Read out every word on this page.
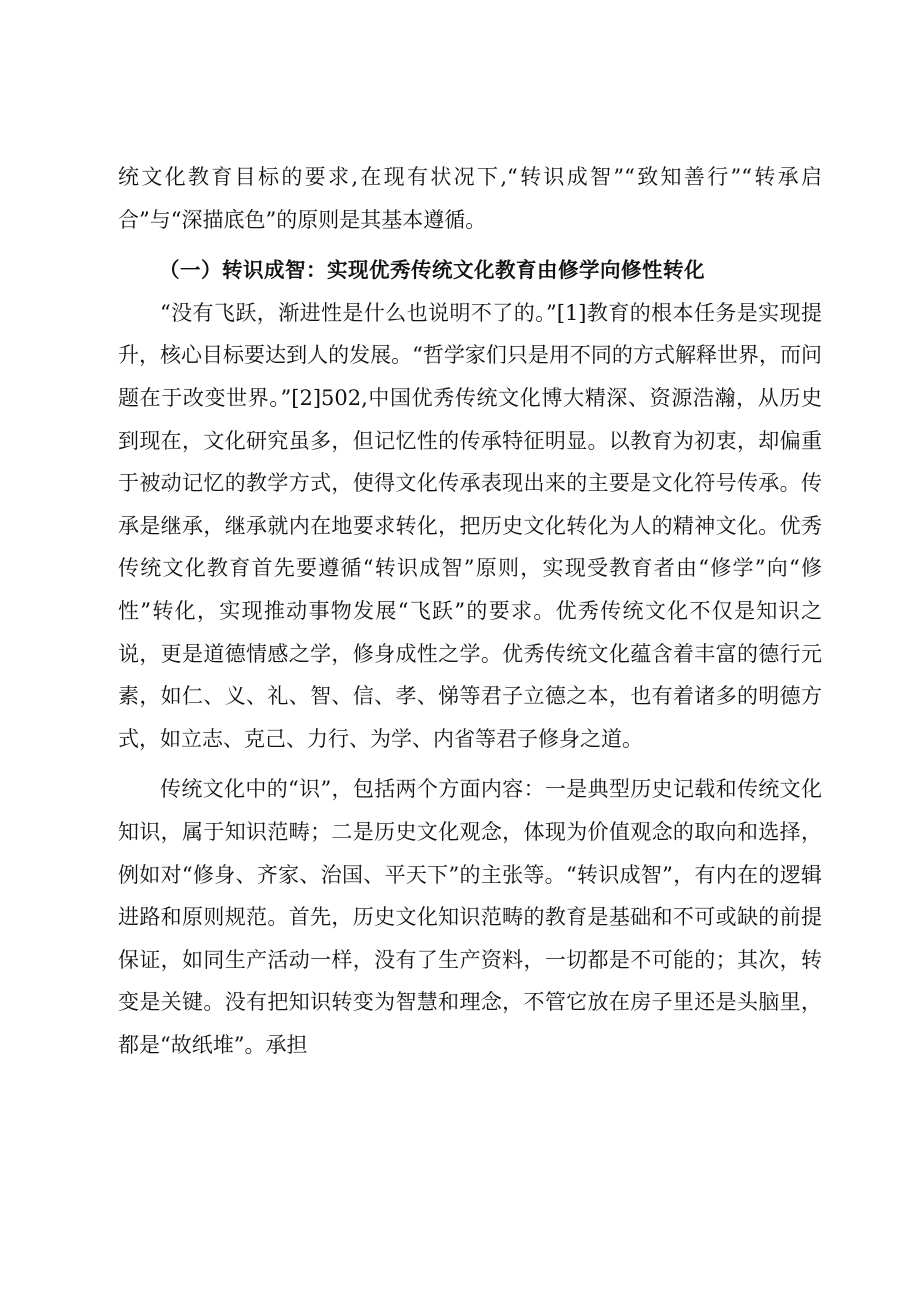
统文化教育目标的要求,在现有状况下,“转识成智”“致知善行”“转承启合”与“深描底色”的原则是其基本遵循。

（一）转识成智：实现优秀传统文化教育由修学向修性转化

“没有飞跃，渐进性是什么也说明不了的。”[1]教育的根本任务是实现提升，核心目标要达到人的发展。“哲学家们只是用不同的方式解释世界，而问题在于改变世界。”[2]502,中国优秀传统文化博大精深、资源浩瀚，从历史到现在，文化研究虽多，但记忆性的传承特征明显。以教育为初衷，却偏重于被动记忆的教学方式，使得文化传承表现出来的主要是文化符号传承。传承是继承，继承就内在地要求转化，把历史文化转化为人的精神文化。优秀传统文化教育首先要遵循“转识成智”原则，实现受教育者由“修学”向“修性”转化，实现推动事物发展“飞跃”的要求。优秀传统文化不仅是知识之说，更是道德情感之学，修身成性之学。优秀传统文化蕴含着丰富的德行元素，如仁、义、礼、智、信、孝、悌等君子立德之本，也有着诸多的明德方式，如立志、克己、力行、为学、内省等君子修身之道。

传统文化中的“识”，包括两个方面内容：一是典型历史记载和传统文化知识，属于知识范畴；二是历史文化观念，体现为价值观念的取向和选择，例如对“修身、齐家、治国、平天下”的主张等。“转识成智”，有内在的逻辑进路和原则规范。首先，历史文化知识范畴的教育是基础和不可或缺的前提保证，如同生产活动一样，没有了生产资料，一切都是不可能的；其次，转变是关键。没有把知识转变为智慧和理念，不管它放在房子里还是头脑里，都是“故纸堆”。承担
